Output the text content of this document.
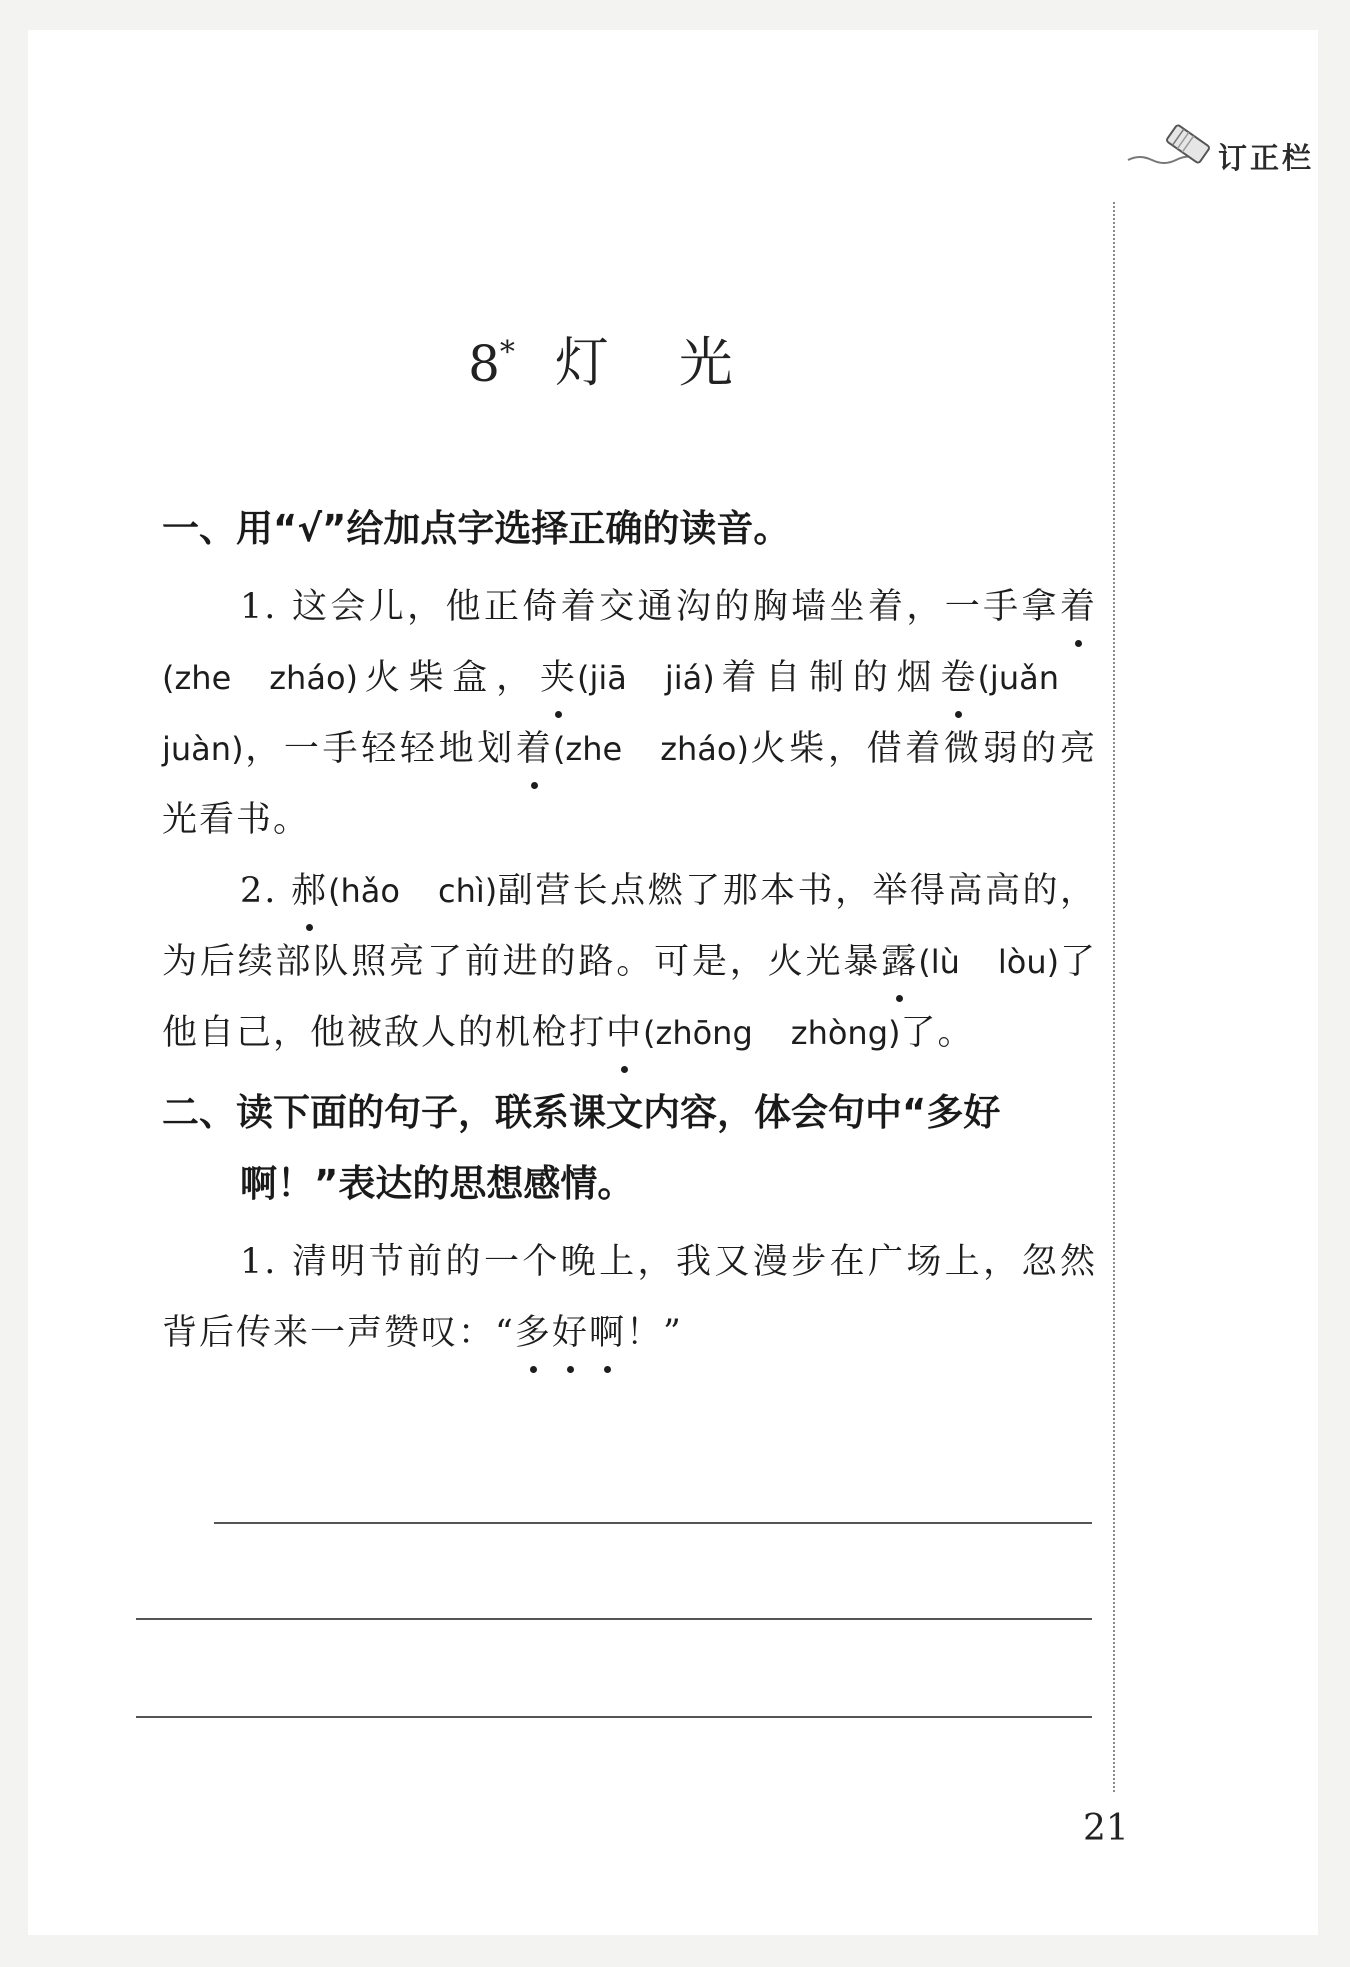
订正栏
8* 灯光
一、用“√”给加点字选择正确的读音。
1. 这会儿，他正倚着交通沟的胸墙坐着，一手拿着(zhe zháo)火柴盒，夹(jiā jiá)着自制的烟卷(juǎnjuàn)，一手轻轻地划着(zhe zháo)火柴，借着微弱的亮光看书。
2. 郝(hǎo chì)副营长点燃了那本书，举得高高的，为后续部队照亮了前进的路。可是，火光暴露(lù lòu)了他自己，他被敌人的机枪打中(zhōng zhòng)了。
二、读下面的句子，联系课文内容，体会句中“多好
啊！”表达的思想感情。
1. 清明节前的一个晚上，我又漫步在广场上，忽然背后传来一声赞叹：“多好啊！”
21
